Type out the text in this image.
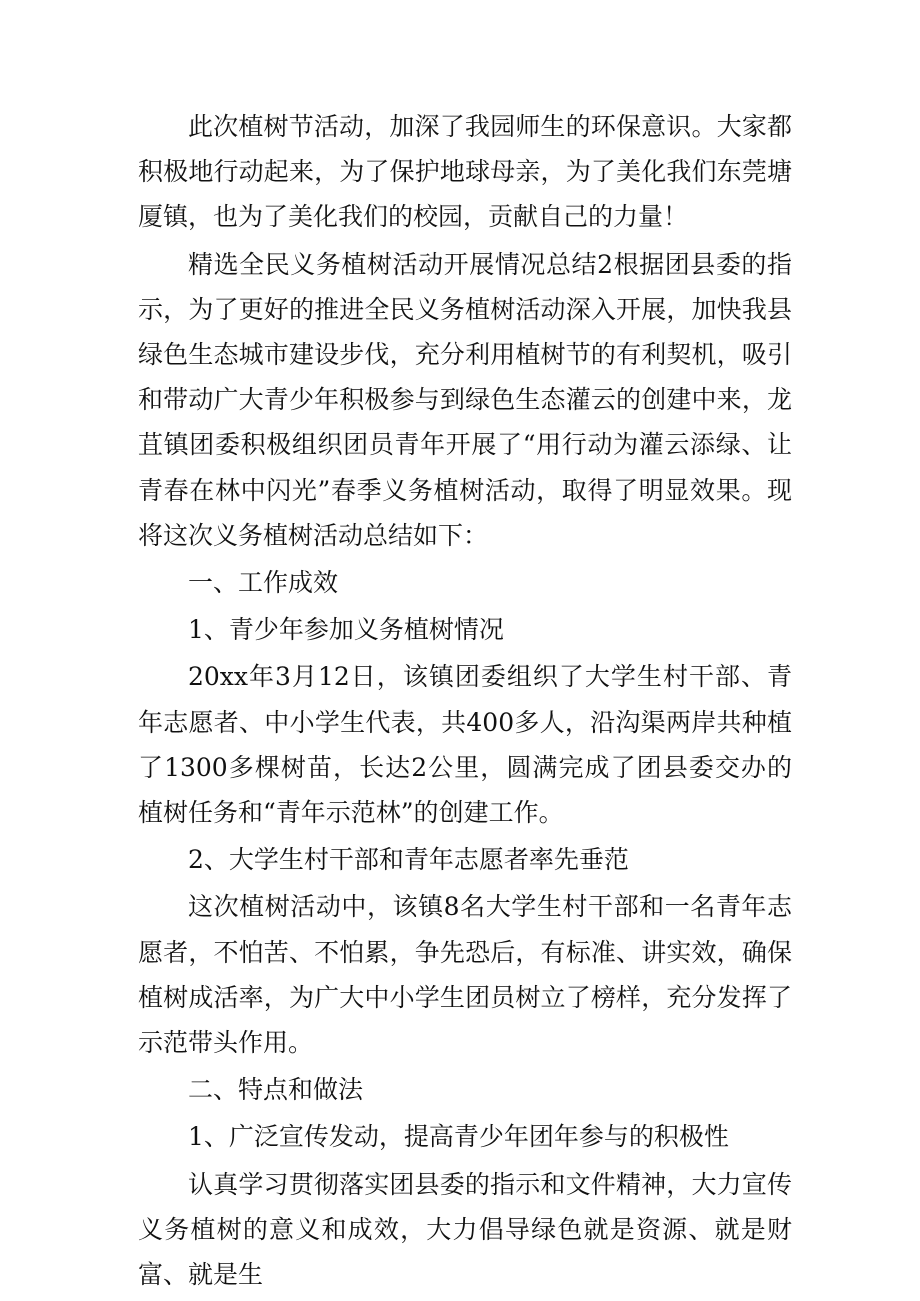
此次植树节活动，加深了我园师生的环保意识。大家都积极地行动起来，为了保护地球母亲，为了美化我们东莞塘厦镇，也为了美化我们的校园，贡献自己的力量！

精选全民义务植树活动开展情况总结2根据团县委的指示，为了更好的推进全民义务植树活动深入开展，加快我县绿色生态城市建设步伐，充分利用植树节的有利契机，吸引和带动广大青少年积极参与到绿色生态灌云的创建中来，龙苴镇团委积极组织团员青年开展了“用行动为灌云添绿、让青春在林中闪光”春季义务植树活动，取得了明显效果。现将这次义务植树活动总结如下：

一、工作成效

1、青少年参加义务植树情况

20xx年3月12日，该镇团委组织了大学生村干部、青年志愿者、中小学生代表，共400多人，沿沟渠两岸共种植了1300多棵树苗，长达2公里，圆满完成了团县委交办的植树任务和“青年示范林”的创建工作。

2、大学生村干部和青年志愿者率先垂范

这次植树活动中，该镇8名大学生村干部和一名青年志愿者，不怕苦、不怕累，争先恐后，有标准、讲实效，确保植树成活率，为广大中小学生团员树立了榜样，充分发挥了示范带头作用。

二、特点和做法

1、广泛宣传发动，提高青少年团年参与的积极性

认真学习贯彻落实团县委的指示和文件精神，大力宣传义务植树的意义和成效，大力倡导绿色就是资源、就是财富、就是生
